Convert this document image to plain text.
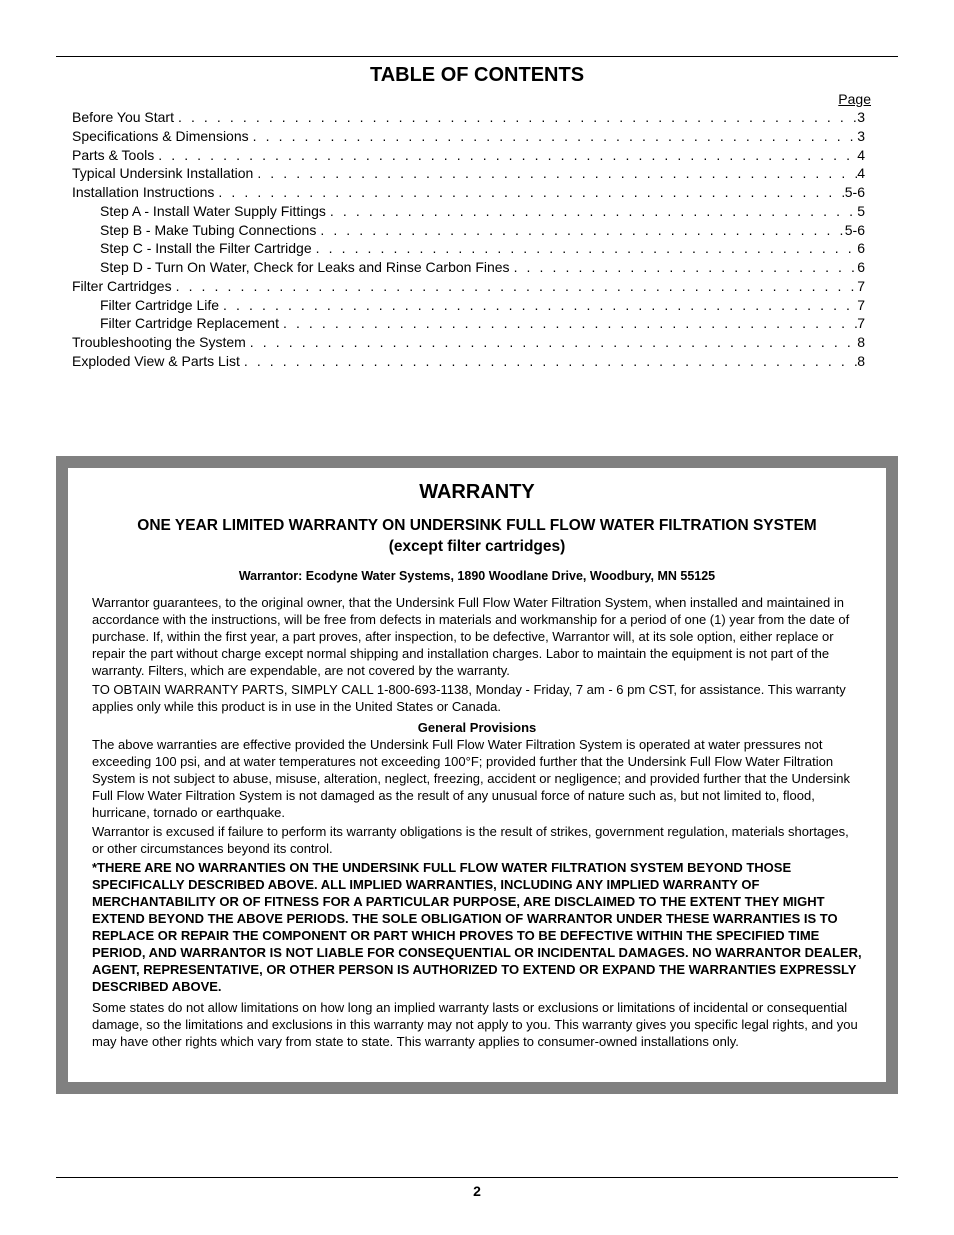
TABLE OF CONTENTS
Page
Before You Start . . .	3
Specifications & Dimensions . . .	3
Parts & Tools . . .	4
Typical Undersink Installation . . .	4
Installation Instructions . . .	5-6
Step A - Install Water Supply Fittings . . .	5
Step B - Make Tubing Connections . . .	5-6
Step C - Install the Filter Cartridge . . .	6
Step D - Turn On Water, Check for Leaks and Rinse Carbon Fines . . .	6
Filter Cartridges . . .	7
Filter Cartridge Life . . .	7
Filter Cartridge Replacement . . .	7
Troubleshooting the System . . .	8
Exploded View & Parts List . . .	8
WARRANTY
ONE YEAR LIMITED WARRANTY ON UNDERSINK FULL FLOW WATER FILTRATION SYSTEM
(except filter cartridges)
Warrantor: Ecodyne Water Systems, 1890 Woodlane Drive, Woodbury, MN 55125

Warrantor guarantees, to the original owner, that the Undersink Full Flow Water Filtration System, when installed and maintained in accordance with the instructions, will be free from defects in materials and workmanship for a period of one (1) year from the date of purchase. If, within the first year, a part proves, after inspection, to be defective, Warrantor will, at its sole option, either replace or repair the part without charge except normal shipping and installation charges. Labor to maintain the equipment is not part of the warranty. Filters, which are expendable, are not covered by the warranty.

TO OBTAIN WARRANTY PARTS, SIMPLY CALL 1-800-693-1138, Monday - Friday, 7 am - 6 pm CST, for assistance. This warranty applies only while this product is in use in the United States or Canada.

General Provisions

The above warranties are effective provided the Undersink Full Flow Water Filtration System is operated at water pressures not exceeding 100 psi, and at water temperatures not exceeding 100°F; provided further that the Undersink Full Flow Water Filtration System is not subject to abuse, misuse, alteration, neglect, freezing, accident or negligence; and provided further that the Undersink Full Flow Water Filtration System is not damaged as the result of any unusual force of nature such as, but not limited to, flood, hurricane, tornado or earthquake.

Warrantor is excused if failure to perform its warranty obligations is the result of strikes, government regulation, materials shortages, or other circumstances beyond its control.

*THERE ARE NO WARRANTIES ON THE UNDERSINK FULL FLOW WATER FILTRATION SYSTEM BEYOND THOSE SPECIFICALLY DESCRIBED ABOVE. ALL IMPLIED WARRANTIES, INCLUDING ANY IMPLIED WARRANTY OF MERCHANTABILITY OR OF FITNESS FOR A PARTICULAR PURPOSE, ARE DISCLAIMED TO THE EXTENT THEY MIGHT EXTEND BEYOND THE ABOVE PERIODS. THE SOLE OBLIGATION OF WARRANTOR UNDER THESE WARRANTIES IS TO REPLACE OR REPAIR THE COMPONENT OR PART WHICH PROVES TO BE DEFECTIVE WITHIN THE SPECIFIED TIME PERIOD, AND WARRANTOR IS NOT LIABLE FOR CONSEQUENTIAL OR INCIDENTAL DAMAGES. NO WARRANTOR DEALER, AGENT, REPRESENTATIVE, OR OTHER PERSON IS AUTHORIZED TO EXTEND OR EXPAND THE WARRANTIES EXPRESSLY DESCRIBED ABOVE.

Some states do not allow limitations on how long an implied warranty lasts or exclusions or limitations of incidental or consequential damage, so the limitations and exclusions in this warranty may not apply to you. This warranty gives you specific legal rights, and you may have other rights which vary from state to state. This warranty applies to consumer-owned installations only.

2
